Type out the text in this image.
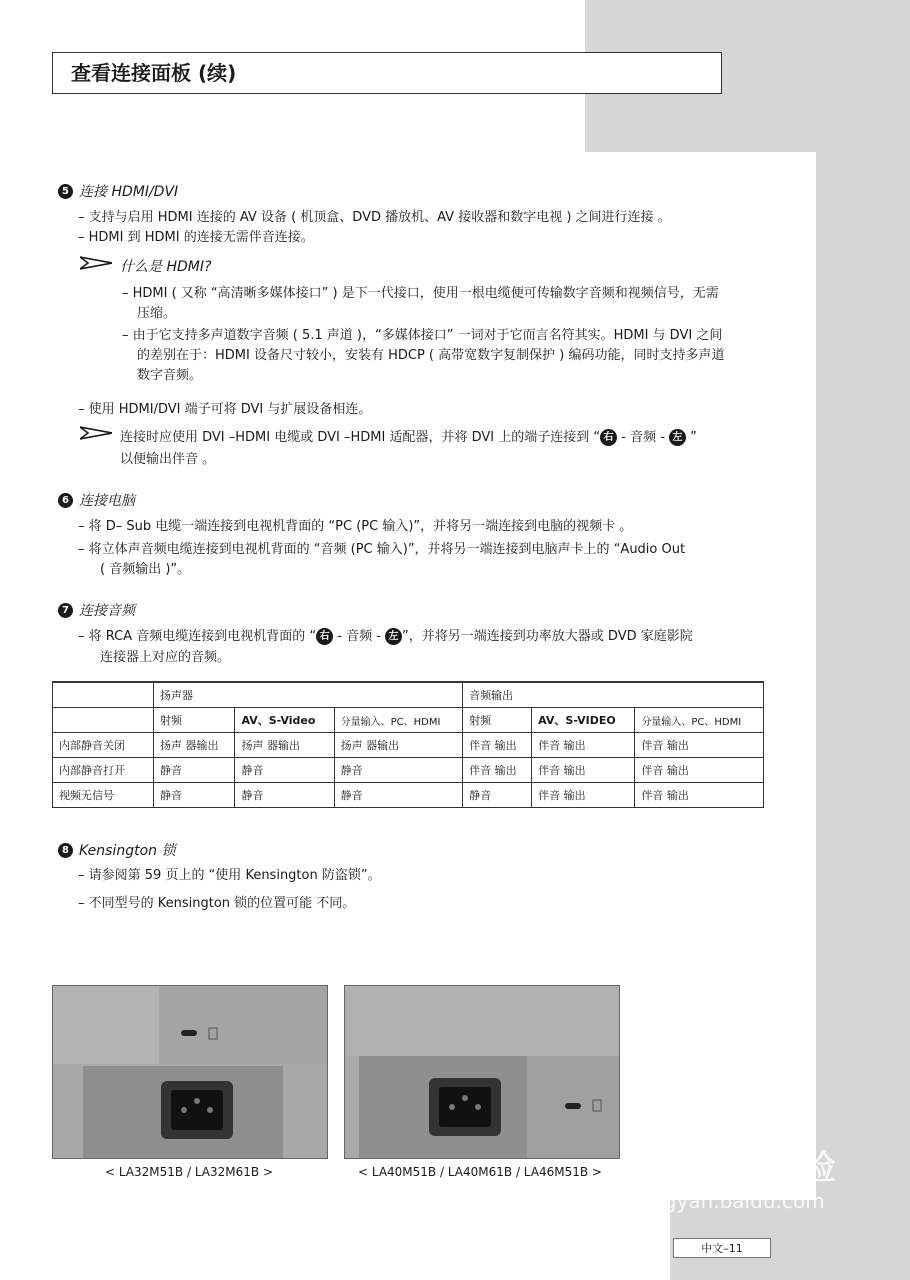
查看连接面板 (续)
5 连接 HDMI/DVI
– 支持与启用 HDMI 连接的 AV 设备 ( 机顶盒、DVD 播放机、AV 接收器和数字电视 ) 之间进行连接 。
– HDMI 到 HDMI 的连接无需伴音连接。
什么是 HDMI?
– HDMI ( 又称 “高清晰多媒体接口” ) 是下一代接口，使用一根电缆便可传输数字音频和视频信号，无需
压缩。
– 由于它支持多声道数字音频 ( 5.1 声道 )，“多媒体接口” 一词对于它而言名符其实。HDMI 与 DVI 之间
的差别在于：HDMI 设备尺寸较小，安装有 HDCP ( 高带宽数字复制保护 ) 编码功能，同时支持多声道
数字音频。
– 使用 HDMI/DVI 端子可将 DVI 与扩展设备相连。
连接时应使用 DVI –HDMI 电缆或 DVI –HDMI 适配器，并将 DVI 上的端子连接到 “ 右 - 音频 - 左 ”
以便输出伴音 。
6 连接电脑
– 将 D– Sub 电缆一端连接到电视机背面的 “PC (PC 输入)”，并将另一端连接到电脑的视频卡 。
– 将立体声音频电缆连接到电视机背面的 “音频 (PC 输入)”，并将另一端连接到电脑声卡上的 “Audio Out
( 音频输出 )”。
7 连接音频
– 将 RCA 音频电缆连接到电视机背面的 “ 右 - 音频 - 左 ”，并将另一端连接到功率放大器或 DVD 家庭影院
连接器上对应的音频。
	扬声器			音频输出		
	射频	AV、S-Video	分量输入、PC、HDMI	射频	AV、S-VIDEO	分量输入、PC、HDMI
内部静音关闭	扬声 器输出	扬声 器输出	扬声 器输出	伴音 输出	伴音 输出	伴音 输出
内部静音打开	静音	静音	静音	伴音 输出	伴音 输出	伴音 输出
视频无信号	静音	静音	静音	静音	伴音 输出	伴音 输出
8 Kensington 锁
– 请参阅第 59 页上的 “使用 Kensington 防盗锁”。
– 不同型号的 Kensington 锁的位置可能 不同。
< LA32M51B / LA32M61B >	< LA40M51B / LA40M61B / LA46M51B > Baidu 经验
jingyan.baidu.com
中文–11
